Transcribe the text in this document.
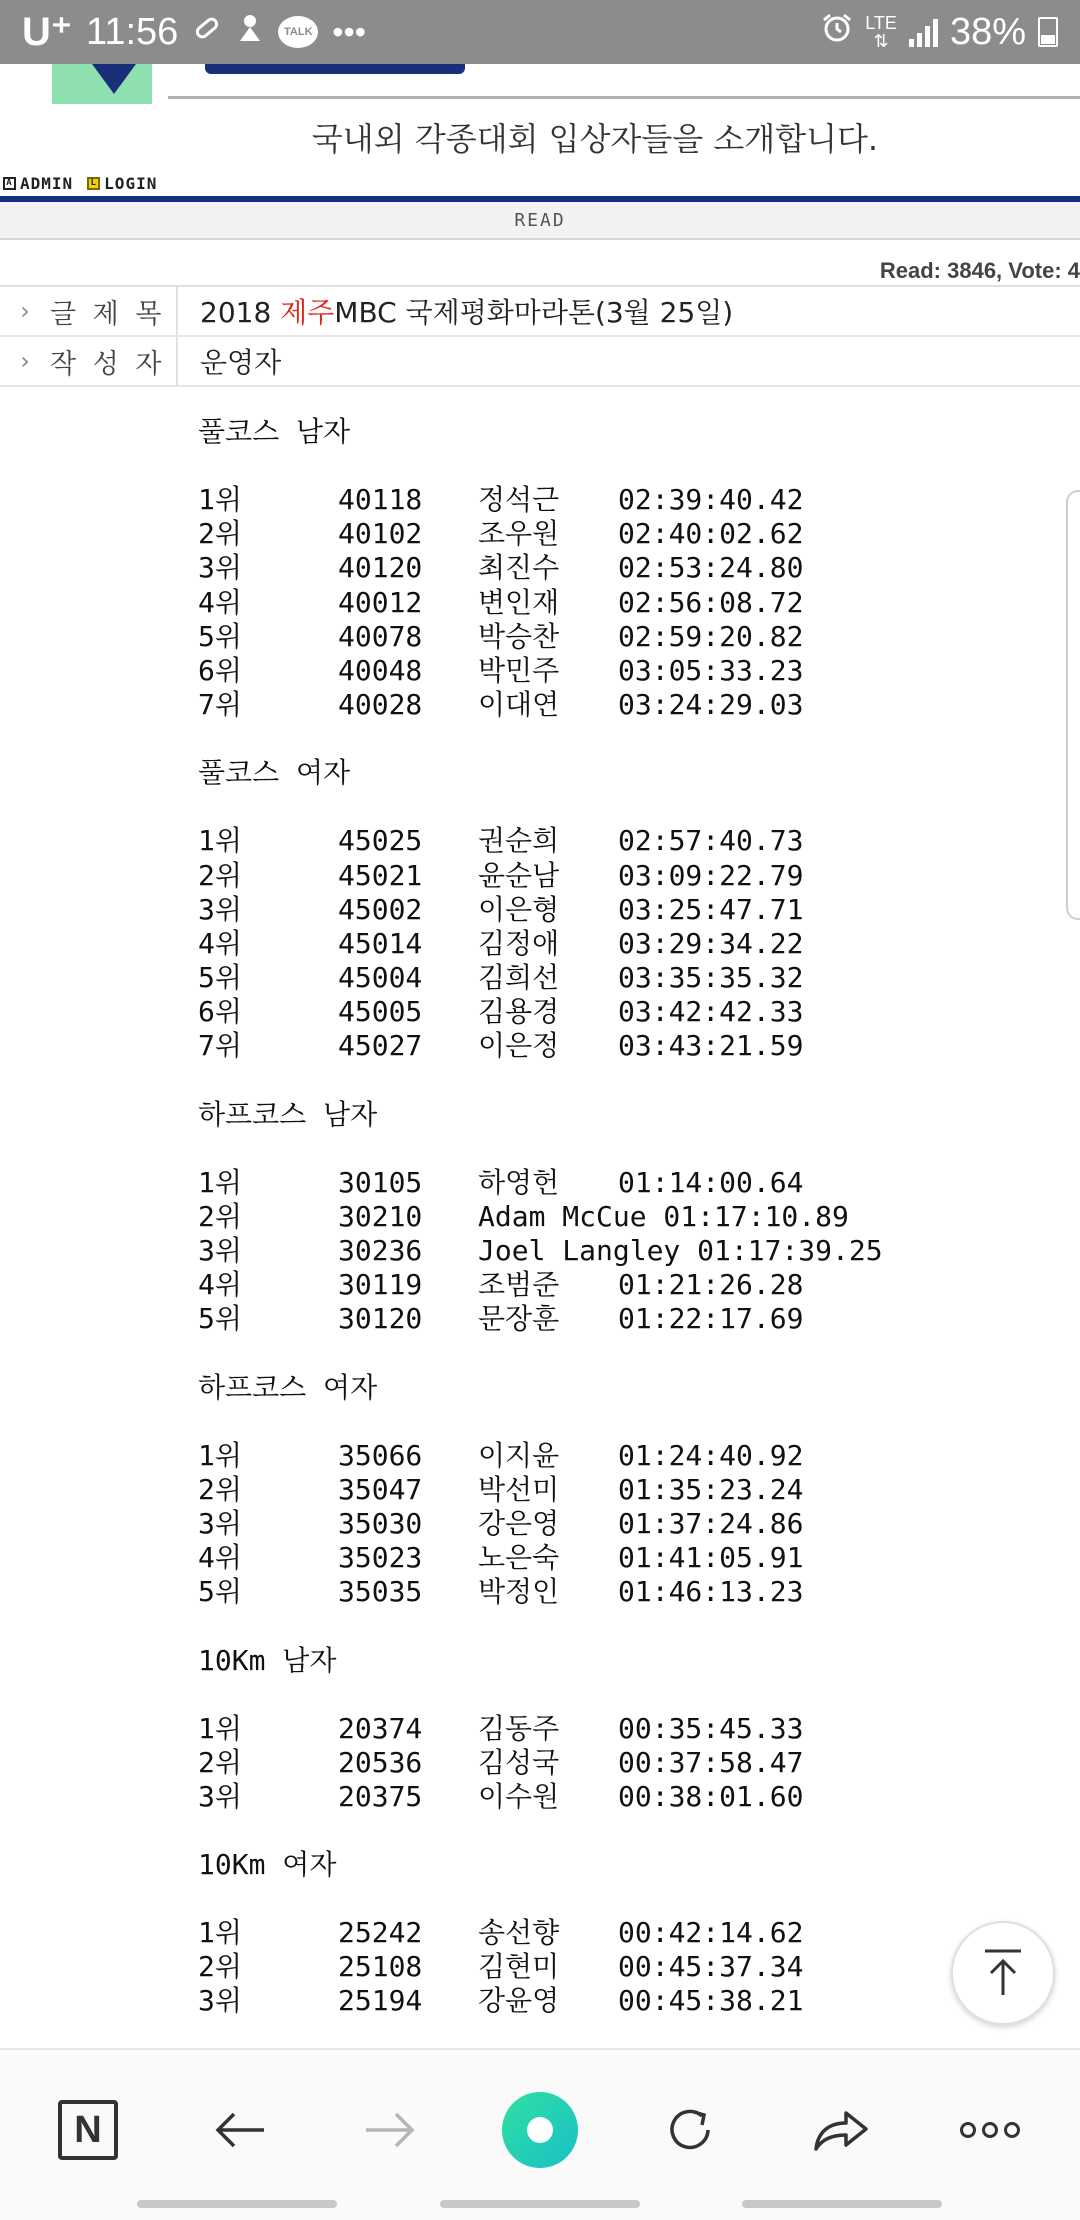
U⁺ 11:56	TALK •••	LTE
⇅ 38%
국내외 각종대회 입상자들을 소개합니다.
A ADMIN	L LOGIN
READ
Read: 3846, Vote: 4
› 글 제 목	2018 제주MBC 국제평화마라톤(3월 25일)
› 작 성 자	운영자
풀코스 남자
1위	40118	정석근	02:39:40.42
2위	40102	조우원	02:40:02.62
3위	40120	최진수	02:53:24.80
4위	40012	변인재	02:56:08.72
5위	40078	박승찬	02:59:20.82
6위	40048	박민주	03:05:33.23
7위	40028	이대연	03:24:29.03
풀코스 여자
1위	45025	권순희	02:57:40.73
2위	45021	윤순남	03:09:22.79
3위	45002	이은형	03:25:47.71
4위	45014	김정애	03:29:34.22
5위	45004	김희선	03:35:35.32
6위	45005	김용경	03:42:42.33
7위	45027	이은정	03:43:21.59
하프코스 남자
1위	30105	하영헌	01:14:00.64
2위	30210	Adam McCue 01:17:10.89
3위	30236	Joel Langley 01:17:39.25
4위	30119	조범준	01:21:26.28
5위	30120	문장훈	01:22:17.69
하프코스 여자
1위	35066	이지윤	01:24:40.92
2위	35047	박선미	01:35:23.24
3위	35030	강은영	01:37:24.86
4위	35023	노은숙	01:41:05.91
5위	35035	박정인	01:46:13.23
10Km 남자
1위	20374	김동주	00:35:45.33
2위	20536	김성국	00:37:58.47
3위	20375	이수원	00:38:01.60
10Km 여자
1위	25242	송선향	00:42:14.62
2위	25108	김현미	00:45:37.34
3위	25194	강윤영	00:45:38.21
N
